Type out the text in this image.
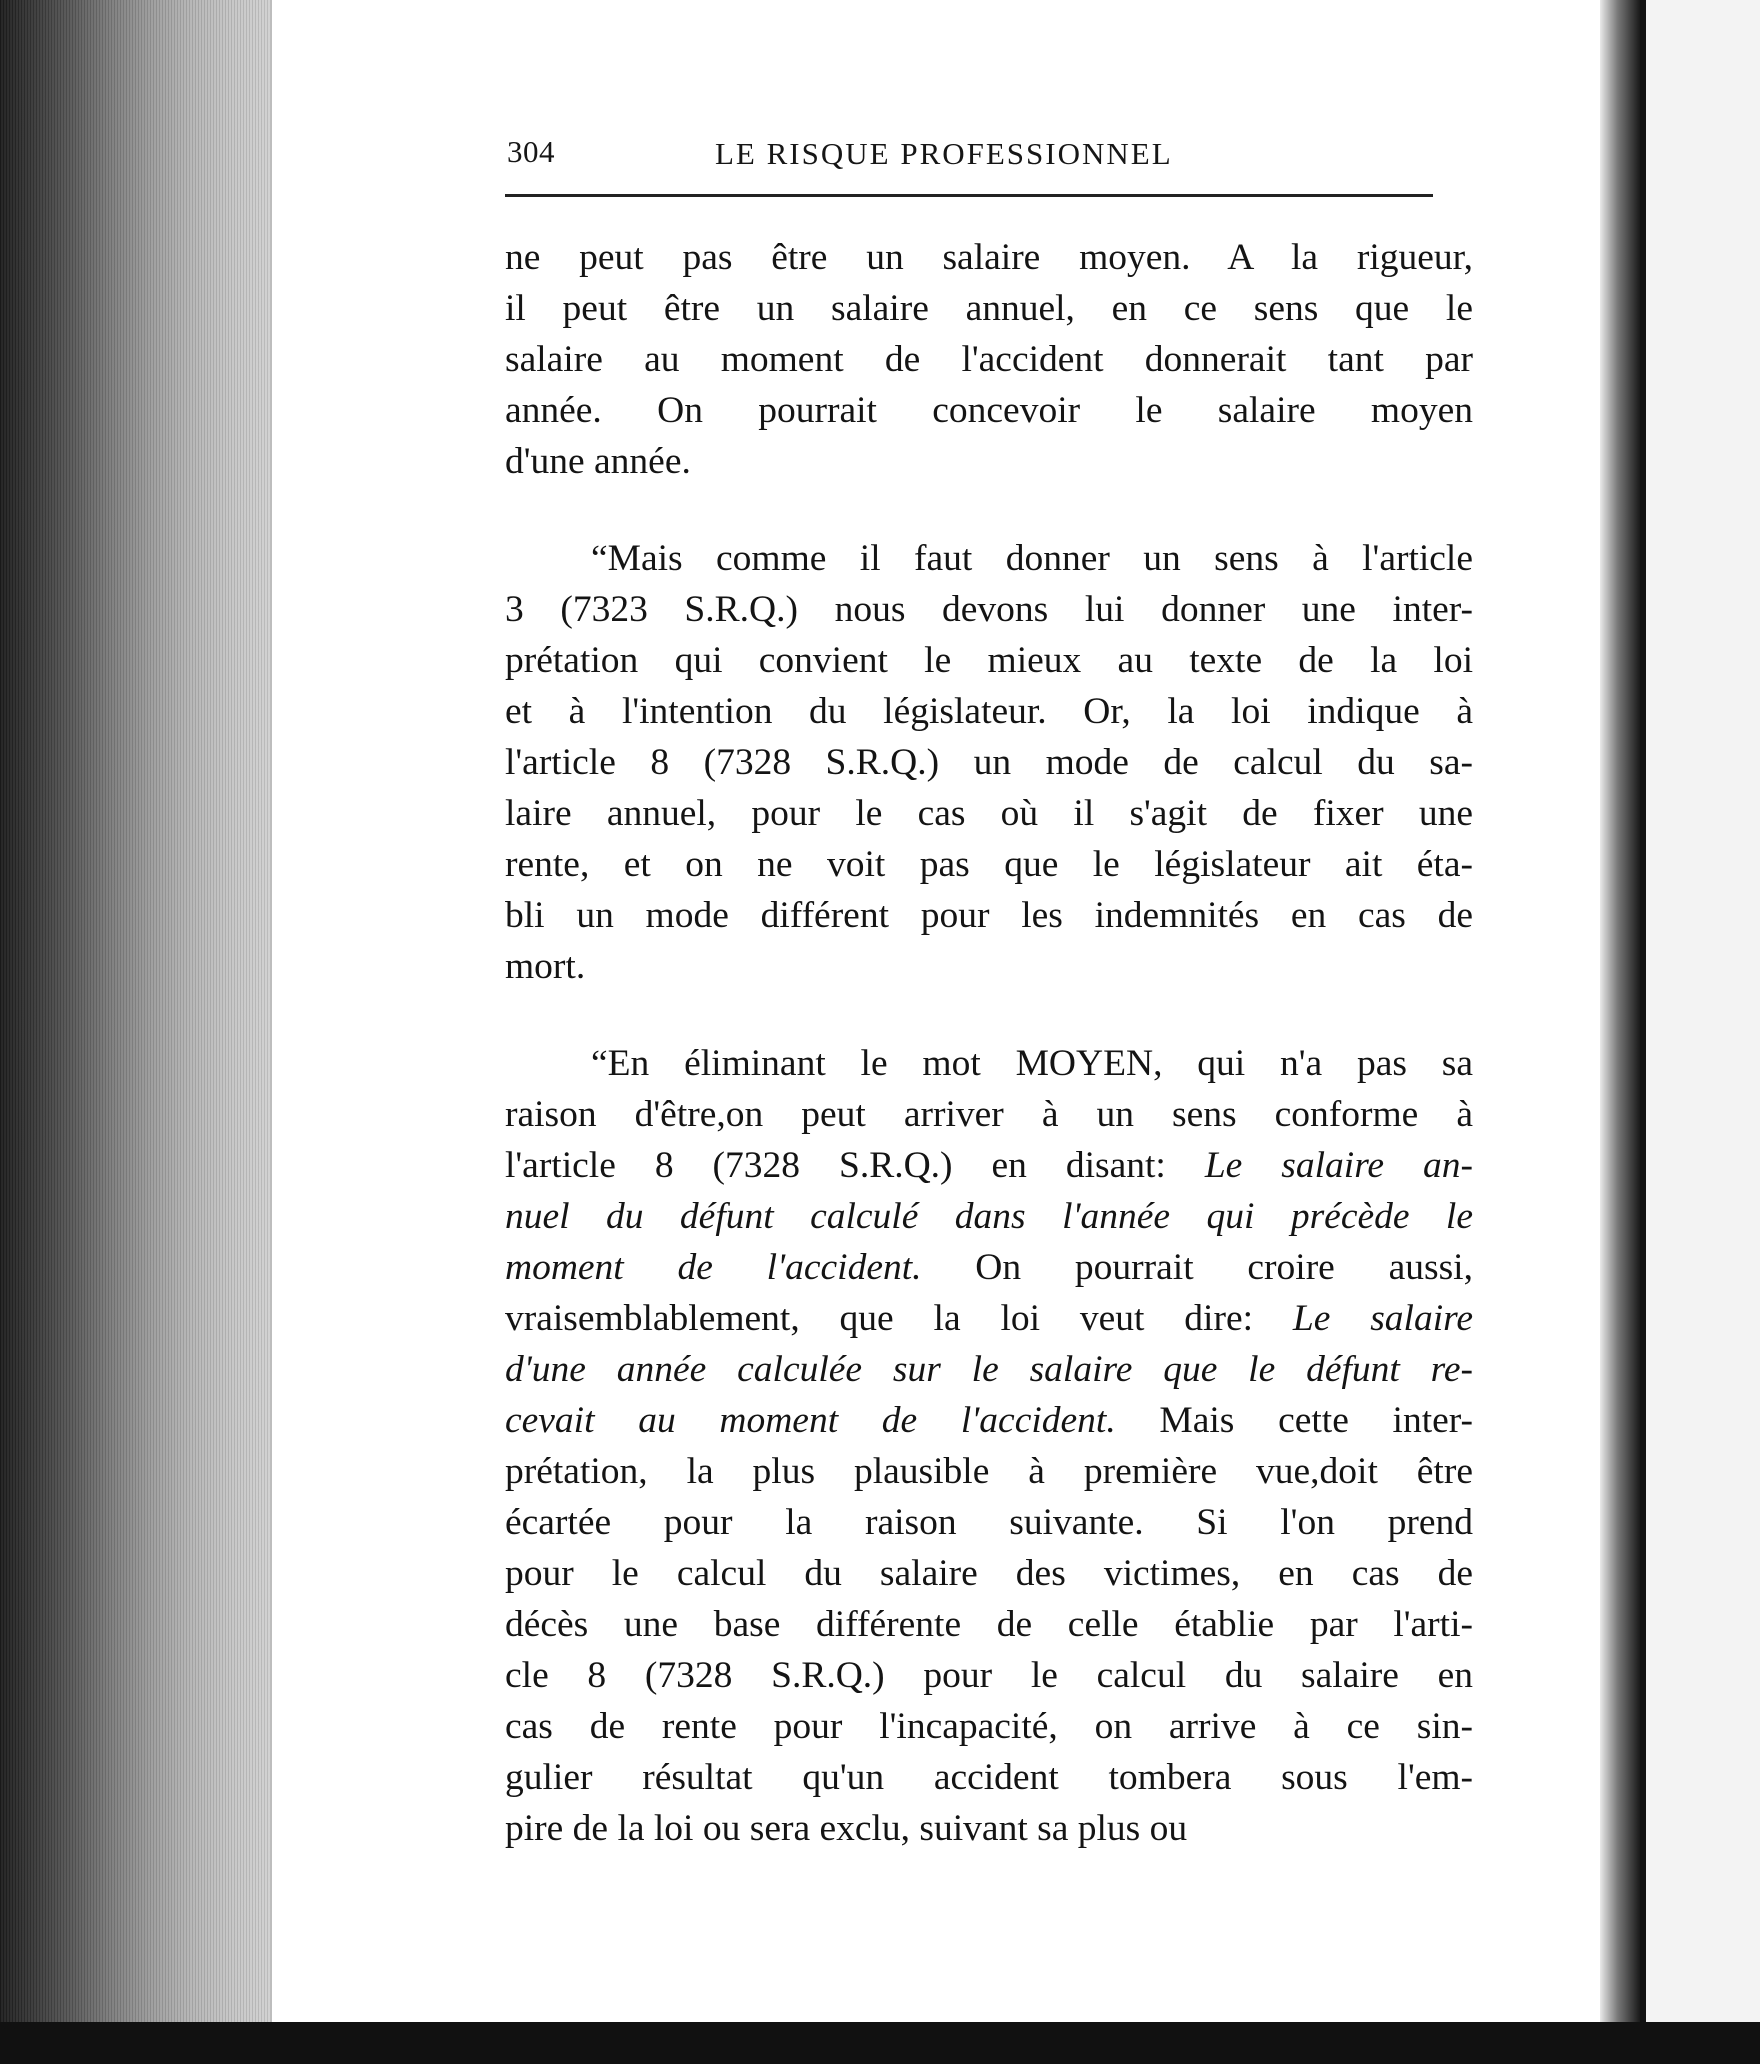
304	LE RISQUE PROFESSIONNEL
ne peut pas être un salaire moyen. A la rigueur,
il peut être un salaire annuel, en ce sens que le
salaire au moment de l'accident donnerait tant par
année. On pourrait concevoir le salaire moyen
d'une année.
“Mais comme il faut donner un sens à l'article
3 (7323 S.R.Q.) nous devons lui donner une inter-
prétation qui convient le mieux au texte de la loi
et à l'intention du législateur. Or, la loi indique à
l'article 8 (7328 S.R.Q.) un mode de calcul du sa-
laire annuel, pour le cas où il s'agit de fixer une
rente, et on ne voit pas que le législateur ait éta-
bli un mode différent pour les indemnités en cas de
mort.
“En éliminant le mot MOYEN, qui n'a pas sa
raison d'être,on peut arriver à un sens conforme à
l'article 8 (7328 S.R.Q.) en disant: Le salaire an-
nuel du défunt calculé dans l'année qui précède le
moment de l'accident. On pourrait croire aussi,
vraisemblablement, que la loi veut dire: Le salaire
d'une année calculée sur le salaire que le défunt re-
cevait au moment de l'accident. Mais cette inter-
prétation, la plus plausible à première vue,doit être
écartée pour la raison suivante. Si l'on prend
pour le calcul du salaire des victimes, en cas de
décès une base différente de celle établie par l'arti-
cle 8 (7328 S.R.Q.) pour le calcul du salaire en
cas de rente pour l'incapacité, on arrive à ce sin-
gulier résultat qu'un accident tombera sous l'em-
pire de la loi ou sera exclu, suivant sa plus ou
